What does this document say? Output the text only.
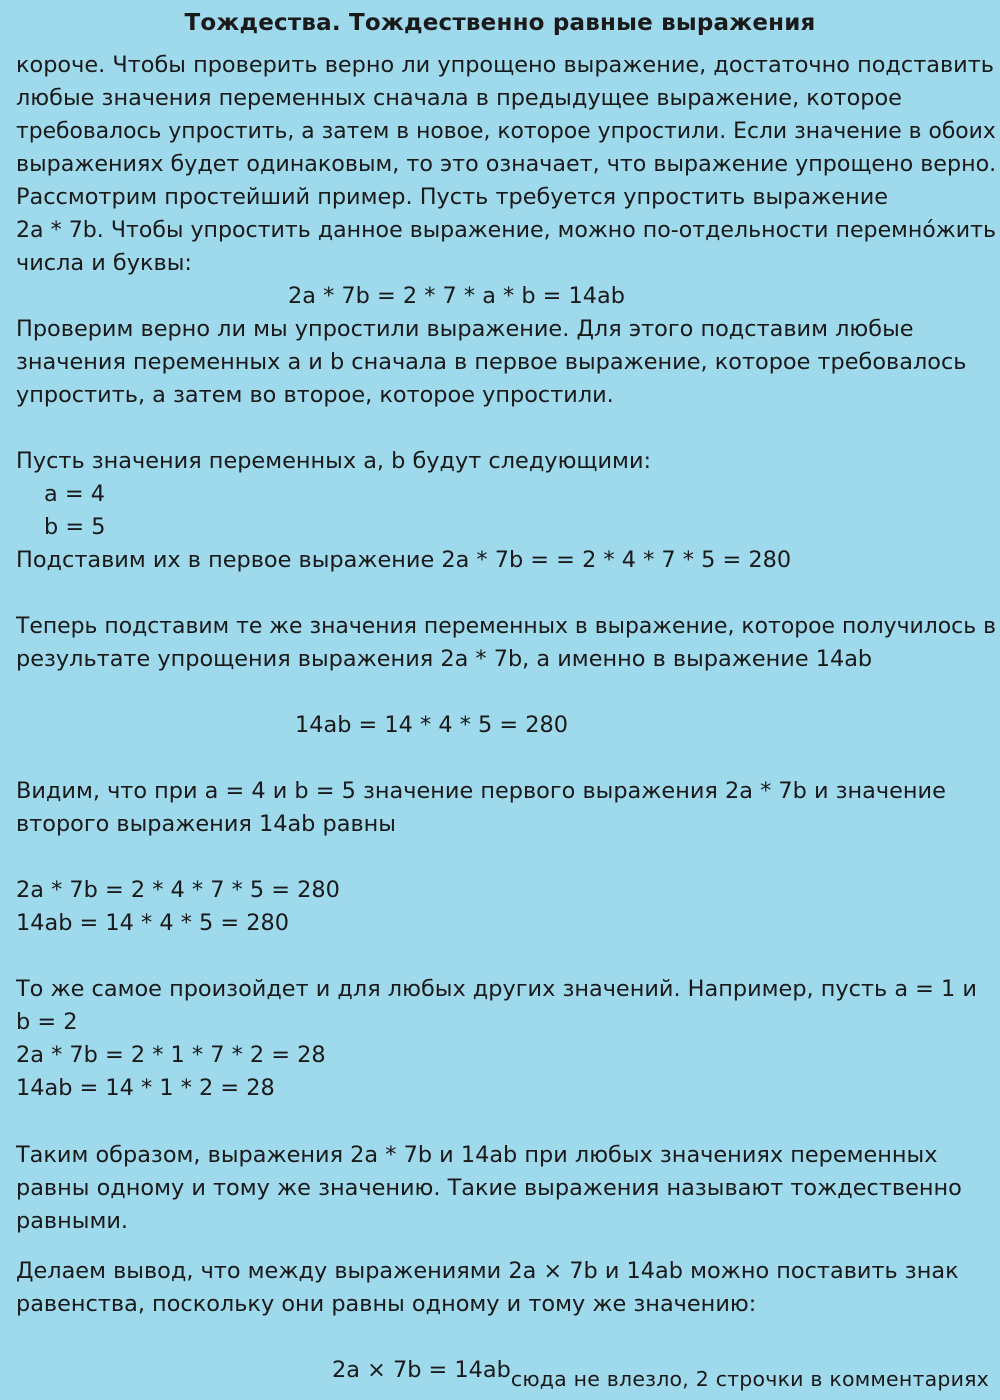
Тождества. Тождественно равные выражения
короче. Чтобы проверить верно ли упрощено выражение, достаточно подставить
любые значения переменных сначала в предыдущее выражение, которое
требовалось упростить, а затем в новое, которое упростили. Если значение в обоих
выражениях будет одинаковым, то это означает, что выражение упрощено верно.
Рассмотрим простейший пример. Пусть требуется упростить выражение
2a * 7b. Чтобы упростить данное выражение, можно по-отдельности перемно́жить
числа и буквы:
2a * 7b = 2 * 7 * a * b = 14ab
Проверим верно ли мы упростили выражение. Для этого подставим любые
значения переменных a и b сначала в первое выражение, которое требовалось
упростить, а затем во второе, которое упростили.
Пусть значения переменных a, b будут следующими:
a = 4
b = 5
Подставим их в первое выражение 2a * 7b = = 2 * 4 * 7 * 5 = 280
Теперь подставим те же значения переменных в выражение, которое получилось в
результате упрощения выражения 2a * 7b, а именно в выражение 14ab
14ab = 14 * 4 * 5 = 280
Видим, что при a = 4 и b = 5 значение первого выражения 2a * 7b и значение
второго выражения 14ab равны
2a * 7b = 2 * 4 * 7 * 5 = 280
14ab = 14 * 4 * 5 = 280
То же самое произойдет и для любых других значений. Например, пусть a = 1 и
b = 2
2a * 7b = 2 * 1 * 7 * 2 = 28
14ab = 14 * 1 * 2 = 28
Таким образом, выражения 2a * 7b и 14ab при любых значениях переменных
равны одному и тому же значению. Такие выражения называют тождественно
равными.
Делаем вывод, что между выражениями 2a × 7b и 14ab можно поставить знак
равенства, поскольку они равны одному и тому же значению:
2a × 7b = 14abсюда не влезло, 2 строчки в комментариях
